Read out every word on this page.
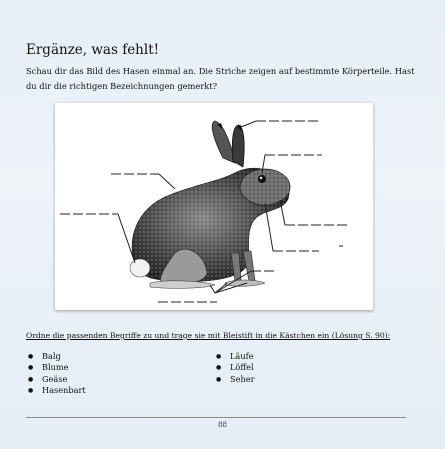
Ergänze, was fehlt!

Schau dir das Bild des Hasen einmal an. Die Striche zeigen auf bestimmte Körperteile. Hast du dir die richtigen Bezeichnungen gemerkt?

Ordne die passenden Begriffe zu und trage sie mit Bleistift in die Kästchen ein (Lösung S. 90):

● Balg
● Blume
● Geäse
● Hasenbart
● Läufe
● Löffel
● Seher
88
